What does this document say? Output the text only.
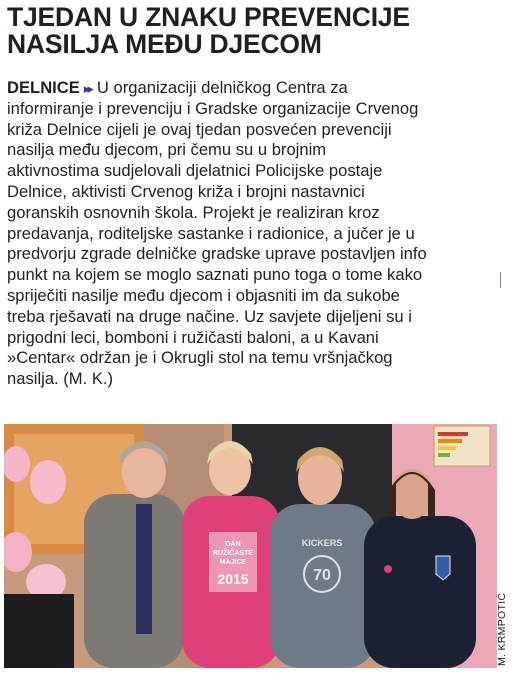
TJEDAN U ZNAKU PREVENCIJE
NASILJA MEĐU DJECOM
DELNICE ▸▸ U organizaciji delničkog Centra za
informiranje i prevenciju i Gradske organizacije Crvenog
križa Delnice cijeli je ovaj tjedan posvećen prevenciji
nasilja među djecom, pri čemu su u brojnim
aktivnostima sudjelovali djelatnici Policijske postaje
Delnice, aktivisti Crvenog križa i brojni nastavnici
goranskih osnovnih škola. Projekt je realiziran kroz
predavanja, roditeljske sastanke i radionice, a jučer je u
predvorju zgrade delničke gradske uprave postavljen info
punkt na kojem se moglo saznati puno toga o tome kako
spriječiti nasilje među djecom i objasniti im da sukobe
treba rješavati na druge načine. Uz savjete dijeljeni su i
prigodni leci, bomboni i ružičasti baloni, a u Kavani
»Centar« održan je i Okrugli stol na temu vršnjačkog
nasilja. (M. K.)
DAN
RUŽIČASTE
MAJICE
2015
KICKERS
70
M. KRMPOTIĆ
